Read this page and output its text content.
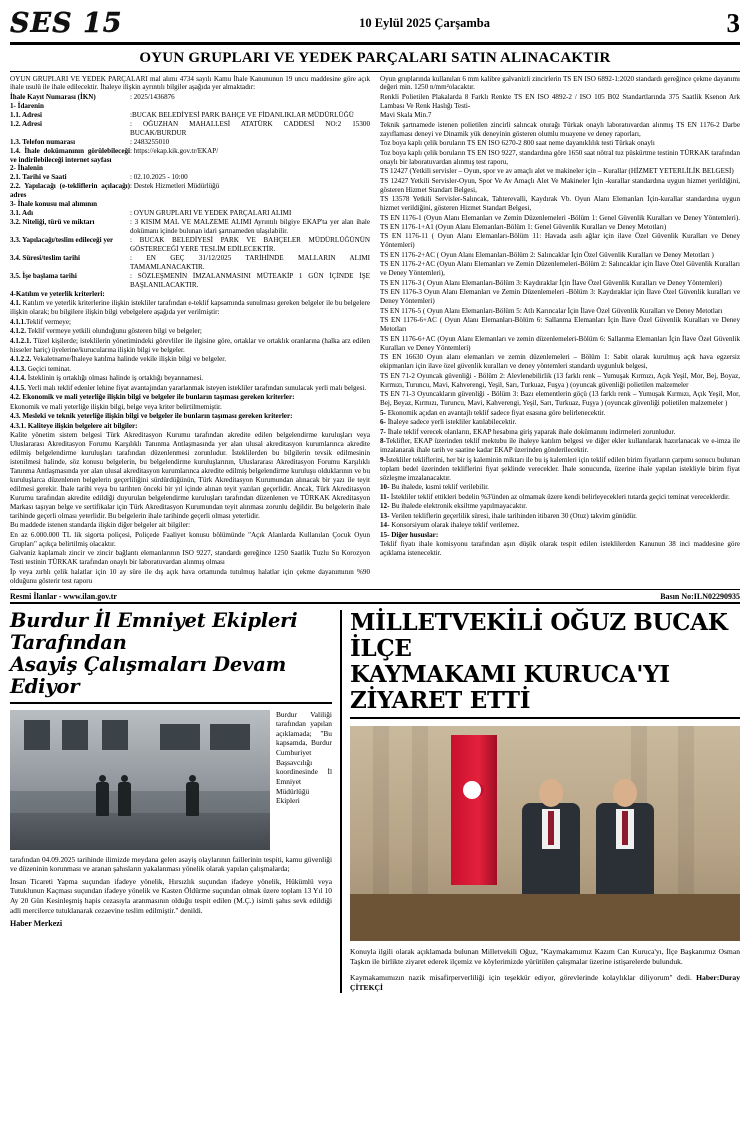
SES 15	10 Eylül 2025 Çarşamba	3
OYUN GRUPLARI VE YEDEK PARÇALARI SATIN ALINACAKTIR

OYUN GRUPLARI VE YEDEK PARÇALARI mal alımı 4734 sayılı Kamu İhale Kanununun 19 uncu maddesine göre açık ihale usulü ile ihale edilecektir. İhaleye ilişkin ayrıntılı bilgiler aşağıda yer almaktadır:

İhale Kayıt Numarası (İKN)	: 2025/1436876
1- İdarenin
1.1. Adresi	:BUCAK BELEDİYESİ PARK BAHÇE VE FİDANLIKLAR MÜDÜRLÜĞÜ
1.2. Adresi	: OĞUZHAN MAHALLESİ ATATÜRK CADDESİ NO:2 15300 BUCAK/BURDUR
1.3. Telefon numarası	: 2483255010
1.4. İhale dokümanının görülebileceği ve indirilebileceği internet sayfası
: https://ekap.kik.gov.tr/EKAP/
2- İhalenin
2.1. Tarihi ve Saati	: 02.10.2025 - 10:00
2.2. Yapılacağı (e-tekliflerin açılacağı) adres
: Destek Hizmetleri Müdürlüğü
3- İhale konusu mal alımının
3.1. Adı	: OYUN GRUPLARI VE YEDEK PARÇALARI ALIMI
3.2. Niteliği, türü ve miktarı	: 3 KISIM MAL VE MALZEME ALIMI Ayrıntılı bilgiye EKAP'ta yer alan ihale dokümanı içinde bulunan idari şartnameden ulaşılabilir.
3.3. Yapılacağı/teslim edileceği yer	: BUCAK BELEDİYESİ PARK VE BAHÇELER MÜDÜRLÜĞÜNÜN GÖSTERECEĞİ YERE TESLİM EDİLECEKTİR.
3.4. Süresi/teslim tarihi	: EN GEÇ 31/12/2025 TARİHİNDE MALLARIN ALIMI TAMAMLANACAKTIR.
3.5. İşe başlama tarihi	: SÖZLEŞMENİN İMZALANMASINI MÜTEAKİP 1 GÜN İÇİNDE İŞE BAŞLANILACAKTIR.

4-Katılım ve yeterlik kriterleri:

4.1. Katılım ve yeterlik kriterlerine ilişkin istekliler tarafından e-teklif kapsamında sunulması gereken belgeler ile bu belgelere ilişkin olarak; bu bilgilere ilişkin bilgi vebelgelere aşağıda yer verilmiştir:

4.1.1.Teklif vermeye;

4.1.2. Teklif vermeye yetkili olunduğunu gösteren bilgi ve belgeler;

4.1.2.1. Tüzel kişilerde; isteklilerin yönetimindeki görevliler ile ilgisine göre, ortaklar ve ortaklık oranlarına (halka arz edilen hisseler hariç) üyelerine/kurucularına ilişkin bilgi ve belgeler.

4.1.2.2. Vekaletname/İhaleye katılma halinde vekile ilişkin bilgi ve belgeler.

4.1.3. Geçici teminat.

4.1.4. İsteklinin iş ortaklığı olması halinde iş ortaklığı beyannamesi.

4.1.5. Yerli malı teklif edenler lehine fiyat avantajından yararlanmak isteyen istekliler tarafından sunulacak yerli malı belgesi.

4.2. Ekonomik ve mali yeterliğe ilişkin bilgi ve belgeler ile bunların taşıması gereken kriterler:

Ekonomik ve mali yeterliğe ilişkin bilgi, belge veya kriter belirtilmemiştir.

4.3. Mesleki ve teknik yeterliğe ilişkin bilgi ve belgeler ile bunların taşıması gereken kriterler:

4.3.1. Kaliteye ilişkin belgelere ait bilgiler:

Kalite yönetim sistem belgesi Türk Akreditasyon Kurumu tarafından akredite edilen belgelendirme kuruluşları veya Uluslararası Akreditasyon Forumu Karşılıklı Tanınma Antlaşmasında yer alan ulusal akreditasyon kurumlarınca akredite edilmiş belgelendirme kuruluşları tarafından düzenlenmesi zorunludur. İsteklilerden bu bilgilerin tevsik edilmesinin istenilmesi halinde, söz konusu belgelerin, bu belgelendirme kuruluşlarının, Uluslararası Akreditasyon Forumu Karşılıklı Tanınma Antlaşmasında yer alan ulusal akreditasyon kurumlarınca akredite edilmiş belgelendirme kuruluşu olduklarının ve bu kuruluşlarca düzenlenen belgelerin geçerliliğini sürdürdüğünün, Türk Akreditasyon Kurumundan alınacak bir yazı ile teyit edilmesi gerekir. İhale tarihi veya bu tarihten önceki bir yıl içinde alınan teyit yazıları geçerlidir. Ancak, Türk Akreditasyon Kurumu tarafından akredite edildiği duyurulan belgelendirme kuruluşları tarafından düzenlenen ve TÜRKAK Akreditasyon Markası taşıyan belge ve sertifikalar için Türk Akreditasyon Kurumundan teyit alınması zorunlu değildir. Bu belgelerin ihale tarihinde geçerli olması yeterlidir. Bu belgelerin ihale tarihinde geçerli olması yeterlidir.

Bu maddede istenen standarda ilişkin diğer belgeler ait bilgiler:

En az 6.000.000 TL lik sigorta poliçesi, Poliçede Faaliyet konusu bölümünde "Açık Alanlarda Kullanılan Çocuk Oyun Grupları" açıkça belirtilmiş olacaktır.

Galvaniz kaplamalı zincir ve zincir bağlantı elemanlarının ISO 9227, standardı gereğince 1250 Saatlik Tuzlu Su Korozyon Testi testinin TÜRKAK tarafından onaylı bir laboratuvardan alınmış olması

İp veya zırhlı çelik halatlar için 10 ay süre ile dış açık hava ortamında tutulmuş halatlar için çekme dayanımının %90 olduğunu gösterir test raporu

Oyun gruplarında kullanılan 6 mm kalibre galvanizli zincirlerin TS EN ISO 6892-1:2020 standardı gereğince çekme dayanımı değeri min. 1250 n/mm²olacaktır.

Renkli Polietilen Plakalarda 8 Farklı Renkte TS EN ISO 4892-2 / ISO 105 B02 Standartlarında 375 Saatlik Ksenon Ark Lambası Ve Renk Haslığı Testi-

Mavi Skala Min.7

Teknik şartnamede istenen polietilen zincirli salıncak oturağı Türkak onaylı laboratuvardan alınmış TS EN 1176-2 Darbe zayıflaması deneyi ve Dinamik yük deneyinin gösteren olumlu muayene ve deney raporları,

Toz boya kaplı çelik boruların TS EN ISO 6270-2 800 saat neme dayanıklılık testi Türkak onaylı

Toz boya kaplı çelik boruların TS EN ISO 9227, standardına göre 1650 saat nötral tuz püskürtme testinin TÜRKAK tarafından onaylı bir laboratuvardan alınmış test raporu,

TS 12427 (Yetkili servisler – Oyun, spor ve av amaçlı alet ve makineler için – Kurallar (HİZMET YETERLİLİK BELGESİ)

TS 12427 Yetkili Servisler-Oyun, Spor Ve Av Amaçlı Alet Ve Makineler İçin -kurallar standardına uygun hizmet yerildiğini, gösteren Hizmet Standart Belgesi,

TS 13578 Yetkili Servisler-Salıncak, Tahterevalli, Kaydırak Vb. Oyun Alanı Elemanları İçin-kurallar standardına uygun hizmet verildiğini, gösteren Hizmet Standart Belgesi,

TS EN 1176-1 (Oyun Alanı Elemanları ve Zemin Düzenlemeleri -Bölüm 1: Genel Güvenlik Kuralları ve Deney Yöntemleri). TS EN 1176-1+A1 (Oyun Alanı Elemanları-Bölüm 1: Genel Güvenlik Kuralları ve Deney Metotları)

TS EN 1176-11 ( Oyun Alanı Elemanları-Bölüm 11: Havada asılı ağlar için ilave Özel Güvenlik Kuralları ve Deney Yöntemleri)

TS EN 1176-2+AC ( Oyun Alanı Elemanları-Bölüm 2: Salıncaklar İçin Özel Güvenlik Kuralları ve Deney Metotları )

TS EN 1176-2+AC (Oyun Alanı Elemanları ve Zemin Düzenlemeleri-Bölüm 2: Salıncaklar için İlave Özel Güvenlik Kuralları ve Deney Yöntemleri),

TS EN 1176-3 ( Oyun Alanı Elemanları-Bölüm 3: Kaydıraklar İçin İlave Özel Güvenlik Kuralları ve Deney Yöntemleri)

TS EN 1176-3 Oyun Alanı Elemanları ve Zemin Düzenlemeleri -Bölüm 3: Kaydıraklar için İlave Özel Güvenlik kuralları ve Deney Yöntemleri)

TS EN 1176-5 ( Oyun Alanı Elemanları-Bölüm 5: Atlı Karıncalar İçin İlave Özel Güvenlik Kuralları ve Deney Metotları

TS EN 1176-6+AC ( Oyun Alanı Elemanları-Bölüm 6: Sallanma Elemanları İçin İlave Özel Güvenlik Kuralları ve Deney Metotları

TS EN 1176-6+AC (Oyun Alanı Elemanları ve zemin düzenlemeleri-Bölüm 6: Sallanma Elemanları İçin İlave Özel Güvenlik Kuralları ve Deney Yöntemleri)

TS EN 16630 Oyun alanı elemanları ve zemin düzenlemeleri – Bölüm 1: Sabit olarak kurulmuş açık hava egzersiz ekipmanları için ilave özel güvenlik kuralları ve deney yöntemleri standardı uygunluk belgesi,

TS EN 71-2 Oyuncak güvenliği - Bölüm 2: Alevlenebilirlik (13 farklı renk – Yumuşak Kırmızı, Açık Yeşil, Mor, Bej, Boyaz, Kırmızı, Turuncu, Mavi, Kahverengi, Yeşil, Sarı, Turkuaz, Fuşya ) (oyuncak güvenliği polietilen malzemeler

TS EN 71-3 Oyuncakların güvenliği - Bölüm 3: Bazı elementlerin göçü (13 farklı renk – Yumuşak Kırmızı, Açık Yeşil, Mor, Bej, Beyaz, Kırmızı, Turuncu, Mavi, Kahverengi, Yeşil, Sarı, Turkuaz, Fuşya ) (oyuncak güvenliği polietilen malzemeler )

5- Ekonomik açıdan en avantajlı teklif sadece fiyat esasına göre belirlenecektir.

6- İhaleye sadece yerli istekliler katılabilecektir.

7- İhale teklif verecek olanların, EKAP hesabına giriş yaparak ihale dokümanını indirmeleri zorunludur.

8-Teklifler, EKAP üzerinden teklif mektubu ile ihaleye katılım belgesi ve diğer ekler kullanılarak hazırlanacak ve e-imza ile imzalanarak ihale tarih ve saatine kadar EKAP üzerinden gönderilecektir.

9-İstekliler tekliflerini, her bir iş kaleminin miktarı ile bu iş kalemleri için teklif edilen birim fiyatların çarpımı sonucu bulunan toplam bedel üzerinden tekliflerini fiyat şeklinde verecekler. İhale sonucunda, üzerine ihale yapılan istekliyle birim fiyat sözleşme imzalanacaktır.

10- Bu ihalede, kısmi teklif verilebilir.

11- İstekliler teklif ettikleri bedelin %3'ünden az olmamak üzere kendi belirleyecekleri tutarda geçici teminat vereceklerdir.

12- Bu ihalede elektronik eksiltme yapılmayacaktır.

13- Verilen tekliflerin geçerlilik süresi, ihale tarihinden itibaren 30 (Otuz) takvim günüdür.

14- Konsorsiyum olarak ihaleye teklif verilemez.

15- Diğer hususlar:

Teklif fiyatı ihale komisyonu tarafından aşırı düşük olarak tespit edilen isteklilerden Kanunun 38 inci maddesine göre açıklama istenecektir.

Resmi İlanlar - www.ilan.gov.tr	Basın No:ILN02290935
Burdur İl Emniyet Ekipleri Tarafından
Asayiş Çalışmaları Devam Ediyor
Burdur Valiliği tarafından yapılan açıklamada; "Bu kapsamda, Burdur Cumhuriyet Başsavcılığı koordinesinde İl Emniyet Müdürlüğü Ekipleri

tarafından 04.09.2025 tarihinde ilimizde meydana gelen asayiş olaylarının faillerinin tespiti, kamu güvenliği ve düzeninin korunması ve aranan şahısların yakalanması yönelik olarak yapılan çalışmalarda;

İnsan Ticareti Yapma suçundan ifadeye yönelik, Hırsızlık suçundan ifadeye yönelik, Hükümlü veya Tutuklunun Kaçması suçundan ifadeye yönelik ve Kasten Öldürme suçundan olmak üzere toplam 13 Yıl 10 Ay 20 Gün Kesinleşmiş hapis cezasıyla aranmasının olduğu tespit edilen (M.Ç.) isimli şahıs sevk edildiği adli mercilerce tutuklanarak cezaevine teslim edilmiştir." denildi.

Haber Merkezi
MİLLETVEKİLİ OĞUZ BUCAK İLÇE
KAYMAKAMI KURUCA'YI ZİYARET ETTİ
Konuyla ilgili olarak açıklamada bulunan Milletvekili Oğuz, "Kaymakamımız Kazım Can Kuruca'yı, İlçe Başkanımız Osman Taşkın ile birlikte ziyaret ederek ilçemiz ve köylerimizde yürütülen çalışmalar üzerine istişarelerde bulunduk.
Kaymakamımızın nazik misafirperverliliği için teşekkür ediyor, görevlerinde kolaylıklar diliyorum" dedi. Haber:Duray ÇİTEKÇİ
